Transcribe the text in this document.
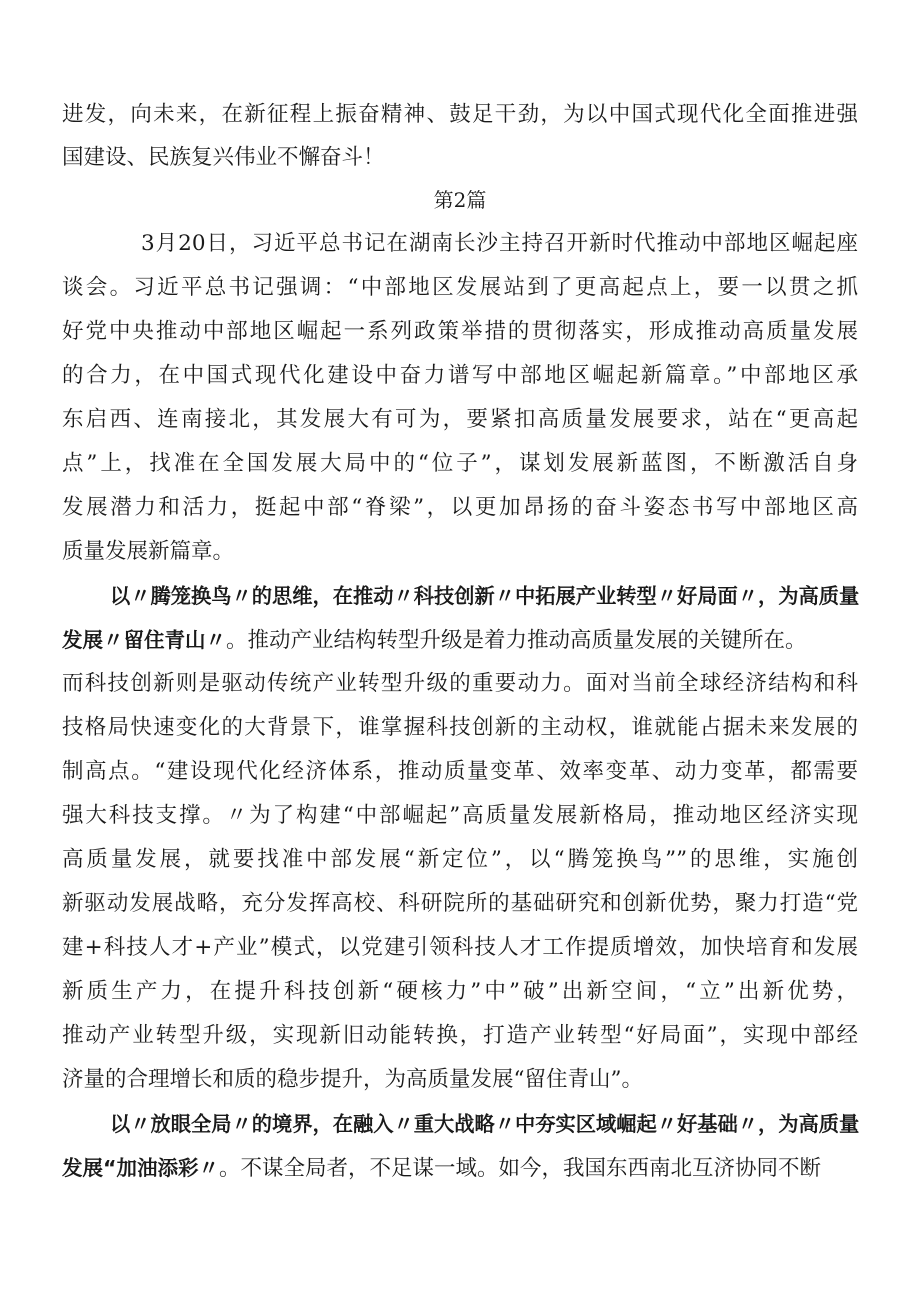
进发，向未来，在新征程上振奋精神、鼓足干劲，为以中国式现代化全面推进强
国建设、民族复兴伟业不懈奋斗！
第2篇
3月20日，习近平总书记在湖南长沙主持召开新时代推动中部地区崛起座
谈会。习近平总书记强调：“中部地区发展站到了更高起点上，要一以贯之抓
好党中央推动中部地区崛起一系列政策举措的贯彻落实，形成推动高质量发展
的合力，在中国式现代化建设中奋力谱写中部地区崛起新篇章。”中部地区承
东启西、连南接北，其发展大有可为，要紧扣高质量发展要求，站在“更高起
点”上，找准在全国发展大局中的“位子”，谋划发展新蓝图，不断激活自身
发展潜力和活力，挺起中部“脊梁”，以更加昂扬的奋斗姿态书写中部地区高
质量发展新篇章。
以〃腾笼换鸟〃的思维，在推动〃科技创新〃中拓展产业转型〃好局面〃，为高质量
发展〃留住青山〃。推动产业结构转型升级是着力推动高质量发展的关键所在。
而科技创新则是驱动传统产业转型升级的重要动力。面对当前全球经济结构和科
技格局快速变化的大背景下，谁掌握科技创新的主动权，谁就能占据未来发展的
制高点。“建设现代化经济体系，推动质量变革、效率变革、动力变革，都需要
强大科技支撑。〃为了构建“中部崛起”高质量发展新格局，推动地区经济实现
高质量发展，就要找准中部发展“新定位”，以“腾笼换鸟””的思维，实施创
新驱动发展战略，充分发挥高校、科研院所的基础研究和创新优势，聚力打造“党
建+科技人才+产业”模式，以党建引领科技人才工作提质增效，加快培育和发展
新质生产力，在提升科技创新“硬核力”中”破”出新空间，“立”出新优势，
推动产业转型升级，实现新旧动能转换，打造产业转型“好局面”，实现中部经
济量的合理增长和质的稳步提升，为高质量发展“留住青山”。
以〃放眼全局〃的境界，在融入〃重大战略〃中夯实区域崛起〃好基础〃，为高质量
发展“加油添彩〃。不谋全局者，不足谋一域。如今，我国东西南北互济协同不断
